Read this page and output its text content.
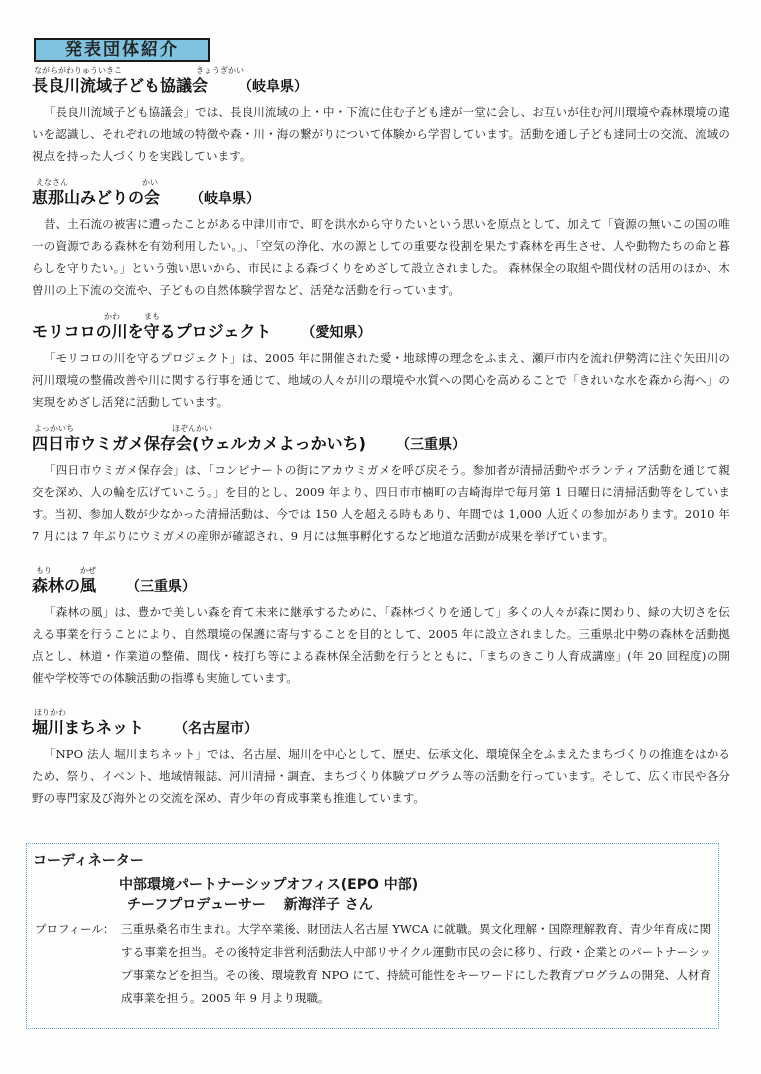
発表団体紹介
ながらがわりゅういきこ	きょうぎかい
長良川流域子ども協議会 （岐阜県）
「長良川流域子ども協議会」では、長良川流域の上・中・下流に住む子ども達が一堂に会し、お互いが住む河川環境や森林環境の違いを認識し、それぞれの地域の特徴や森・川・海の繋がりについて体験から学習しています。活動を通し子ども達同士の交流、流域の視点を持った人づくりを実践しています。
えなさん	かい
恵那山みどりの会 （岐阜県）
昔、土石流の被害に遭ったことがある中津川市で、町を洪水から守りたいという思いを原点として、加えて「資源の無いこの国の唯一の資源である森林を有効利用したい。」、「空気の浄化、水の源としての重要な役割を果たす森林を再生させ、人や動物たちの命と暮らしを守りたい。」という強い思いから、市民による森づくりをめざして設立されました。 森林保全の取組や間伐材の活用のほか、木曽川の上下流の交流や、子どもの自然体験学習など、活発な活動を行っています。
かわ	まも
モリコロの川を守るプロジェクト （愛知県）
「モリコロの川を守るプロジェクト」は、2005 年に開催された愛・地球博の理念をふまえ、瀬戸市内を流れ伊勢湾に注ぐ矢田川の河川環境の整備改善や川に関する行事を通じて、地域の人々が川の環境や水質への関心を高めることで「きれいな水を森から海へ」の実現をめざし活発に活動しています。
よっかいち	ほぞんかい
四日市ウミガメ保存会(ウェルカメよっかいち) （三重県）
「四日市ウミガメ保存会」は、「コンビナートの街にアカウミガメを呼び戻そう。参加者が清掃活動やボランティア活動を通じて親交を深め、人の輪を広げていこう。」を目的とし、2009 年より、四日市市楠町の吉崎海岸で毎月第 1 日曜日に清掃活動等をしています。当初、参加人数が少なかった清掃活動は、今では 150 人を超える時もあり、年間では 1,000 人近くの参加があります。2010 年 7 月には 7 年ぶりにウミガメの産卵が確認され、9 月には無事孵化するなど地道な活動が成果を挙げています。
もり	かぜ
森林の風 （三重県）
「森林の風」は、豊かで美しい森を育て未来に継承するために、「森林づくりを通して」多くの人々が森に関わり、緑の大切さを伝える事業を行うことにより、自然環境の保護に寄与することを目的として、2005 年に設立されました。三重県北中勢の森林を活動拠点とし、林道・作業道の整備、間伐・枝打ち等による森林保全活動を行うとともに、「まちのきこり人育成講座」(年 20 回程度)の開催や学校等での体験活動の指導も実施しています。
ほりかわ
堀川まちネット （名古屋市）
「NPO 法人 堀川まちネット」では、名古屋、堀川を中心として、歴史、伝承文化、環境保全をふまえたまちづくりの推進をはかるため、祭り、イベント、地域情報誌、河川清掃・調査、まちづくり体験プログラム等の活動を行っています。そして、広く市民や各分野の専門家及び海外との交流を深め、青少年の育成事業も推進しています。
コーディネーター
中部環境パートナーシップオフィス(EPO 中部)
チーフプロデューサー 新海洋子 さん
プロフィール： 三重県桑名市生まれ。大学卒業後、財団法人名古屋 YWCA に就職。異文化理解・国際理解教育、青少年育成に関する事業を担当。その後特定非営利活動法人中部リサイクル運動市民の会に移り、行政・企業とのパートナーシップ事業などを担当。その後、環境教育 NPO にて、持続可能性をキーワードにした教育プログラムの開発、人材育成事業を担う。2005 年 9 月より現職。
